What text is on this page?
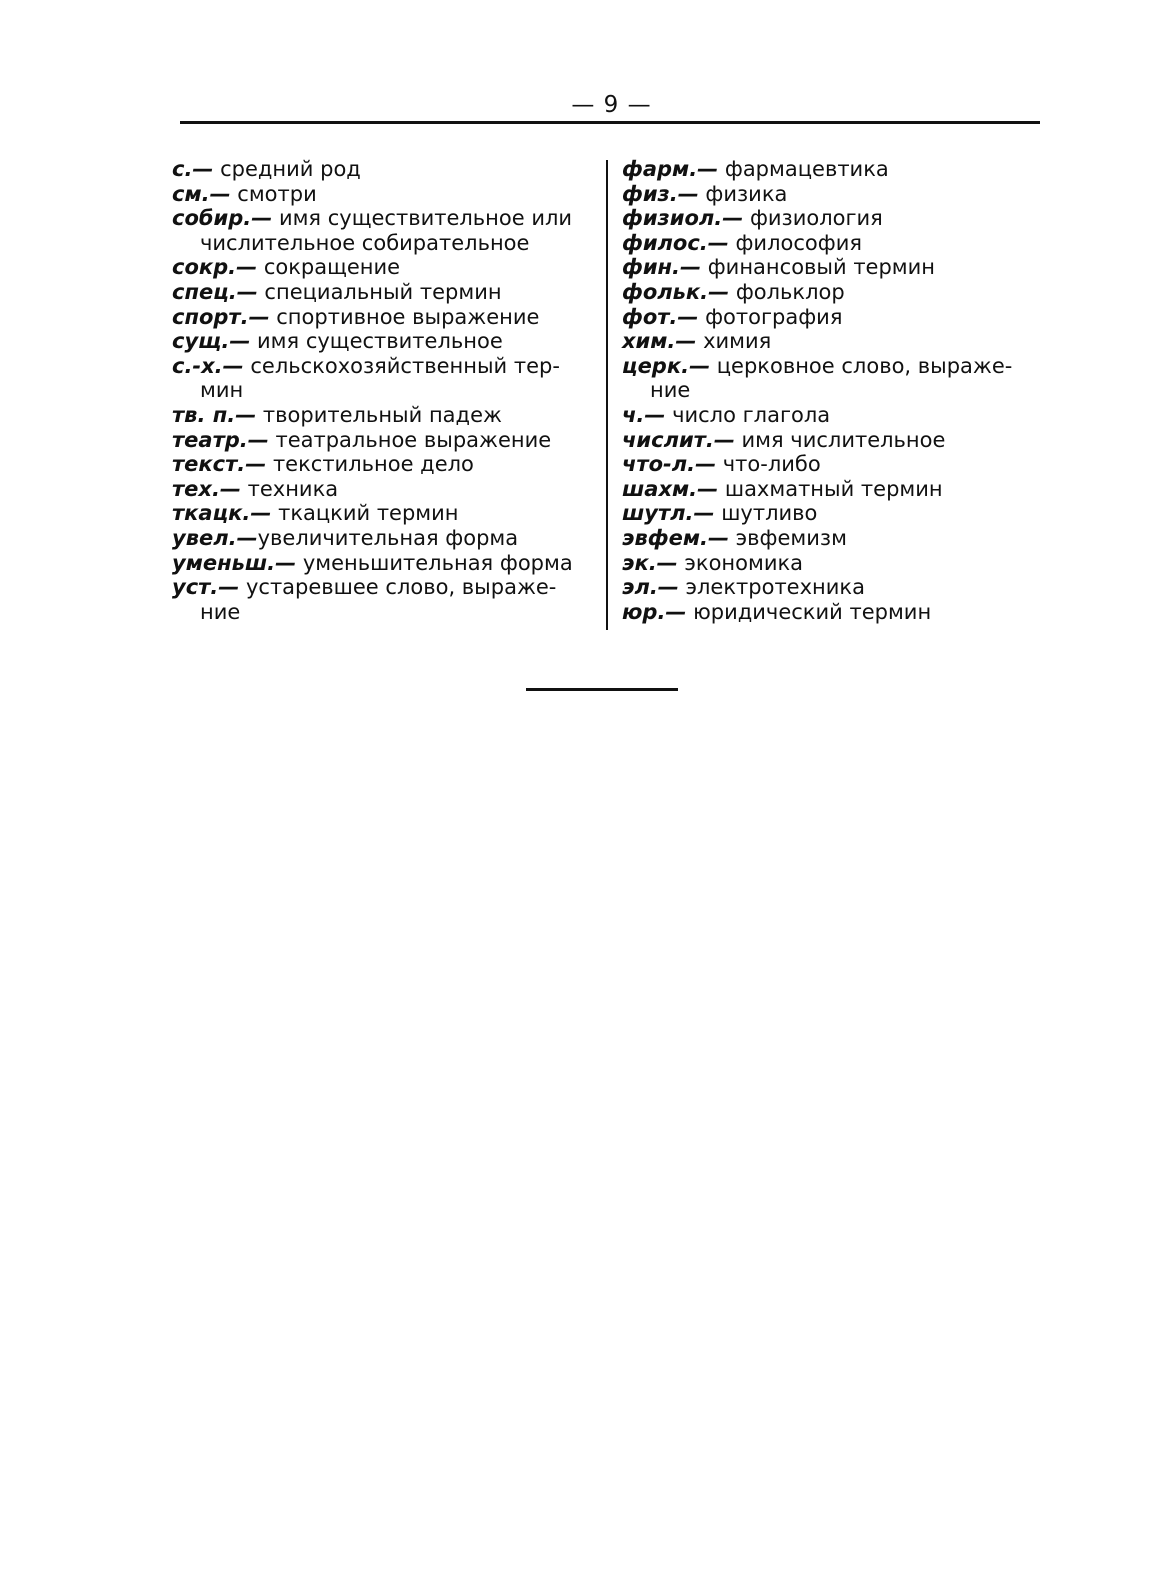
— 9 —
с.— средний род
см.— смотри
собир.— имя существительное или
числительное собирательное
сокр.— сокращение
спец.— специальный термин
спорт.— спортивное выражение
сущ.— имя существительное
с.-х.— сельскохозяйственный тер-
мин
тв. п.— творительный падеж
театр.— театральное выражение
текст.— текстильное дело
тех.— техника
ткацк.— ткацкий термин
увел.—увеличительная форма
уменьш.— уменьшительная форма
уст.— устаревшее слово, выраже-
ние
фарм.— фармацевтика
физ.— физика
физиол.— физиология
филос.— философия
фин.— финансовый термин
фольк.— фольклор
фот.— фотография
хим.— химия
церк.— церковное слово, выраже-
ние
ч.— число глагола
числит.— имя числительное
что-л.— что-либо
шахм.— шахматный термин
шутл.— шутливо
эвфем.— эвфемизм
эк.— экономика
эл.— электротехника
юр.— юридический термин
